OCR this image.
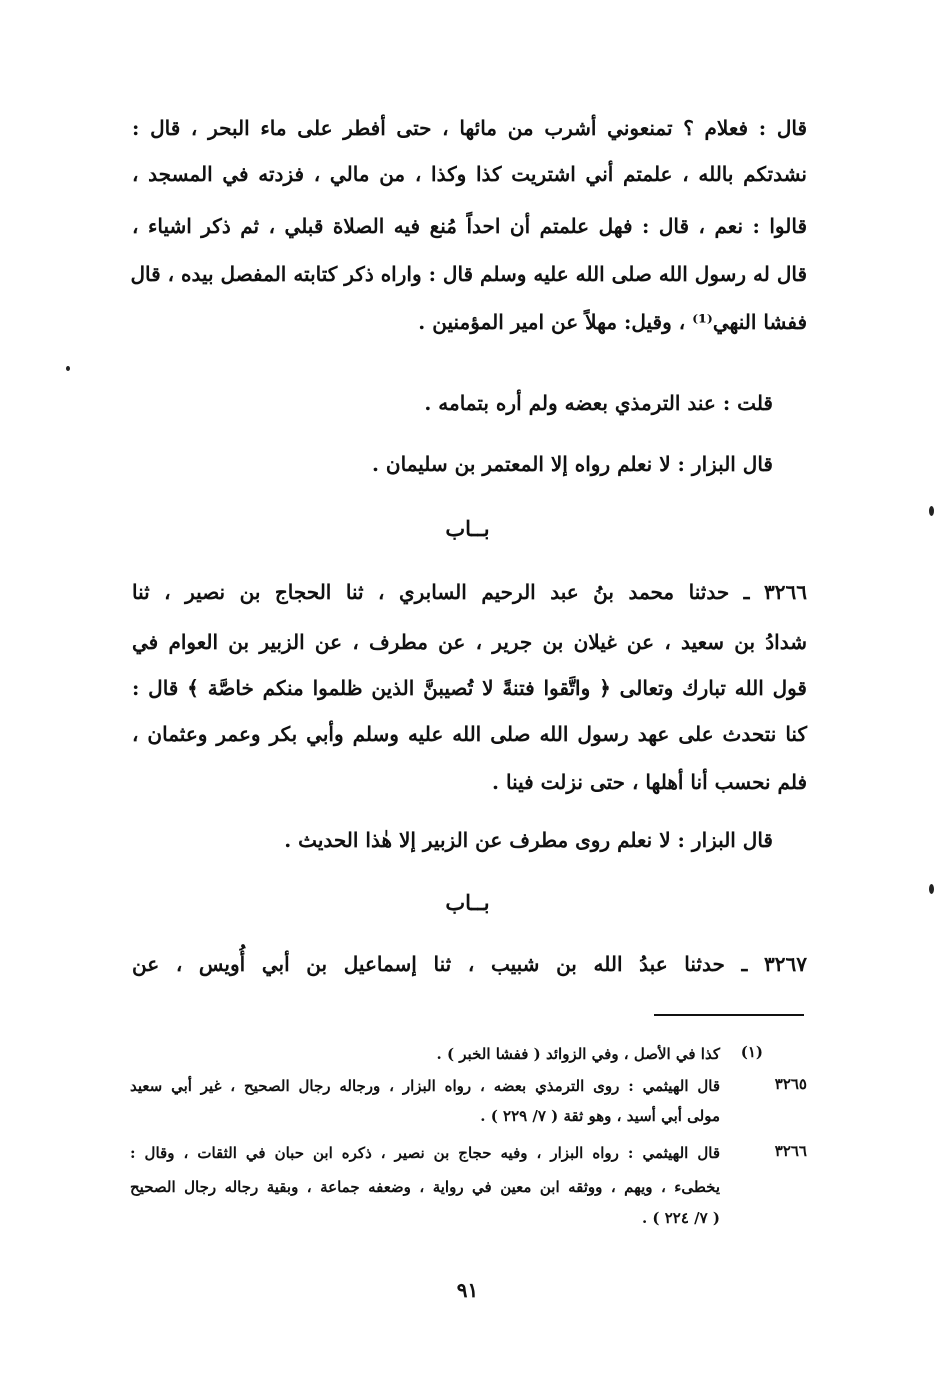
قال : فعلام ؟ تمنعوني أشرب من مائها ، حتى أفطر على ماء البحر ، قال :
نشدتكم بالله ، علمتم أني اشتريت كذا وكذا ، من مالي ، فزدته في المسجد ،
قالوا : نعم ، قال : فهل علمتم أن احداً مُنع فيه الصلاة قبلي ، ثم ذكر اشياء ،
قال له رسول الله صلى الله عليه وسلم قال : واراه ذكر كتابته المفصل بيده ، قال
ففشا النهي⁽¹⁾ ، وقيل: مهلاً عن امير المؤمنين .
قلت : عند الترمذي بعضه ولم أره بتمامه .
قال البزار : لا نعلم رواه إلا المعتمر بن سليمان .
بــاب
٣٢٦٦ ـ حدثنا محمد بنُ عبد الرحيم السابري ، ثنا الحجاج بن نصير ، ثنا
شدادُ بن سعيد ، عن غيلان بن جرير ، عن مطرف ، عن الزبير بن العوام في
قول الله تبارك وتعالى ﴿ واتَّقوا فتنةً لا تُصيبنَّ الذين ظلموا منكم خاصَّة ﴾ قال :
كنا نتحدث على عهد رسول الله صلى الله عليه وسلم وأبي بكر وعمر وعثمان ،
فلم نحسب أنا أهلها ، حتى نزلت فينا .
قال البزار : لا نعلم روى مطرف عن الزبير إلا هٰذا الحديث .
بــاب
٣٢٦٧ ـ حدثنا عبدُ الله بن شبيب ، ثنا إسماعيل بن أبي أُويس ، عن
(١)
كذا في الأصل ، وفي الزوائد ( ففشا الخبر ) .
٣٢٦٥
قال الهيثمي : روى الترمذي بعضه ، رواه البزار ، ورجاله رجال الصحيح ، غير أبي سعيد
مولى أبي أسيد ، وهو ثقة ( ٧/ ٢٢٩ ) .
٣٢٦٦
قال الهيثمي : رواه البزار ، وفيه حجاج بن نصير ، ذكره ابن حبان في الثقات ، وقال :
يخطىء ، ويهم ، ووثقه ابن معين في رواية ، وضعفه جماعة ، وبقية رجاله رجال الصحيح
( ٧/ ٢٢٤ ) .
٩١
